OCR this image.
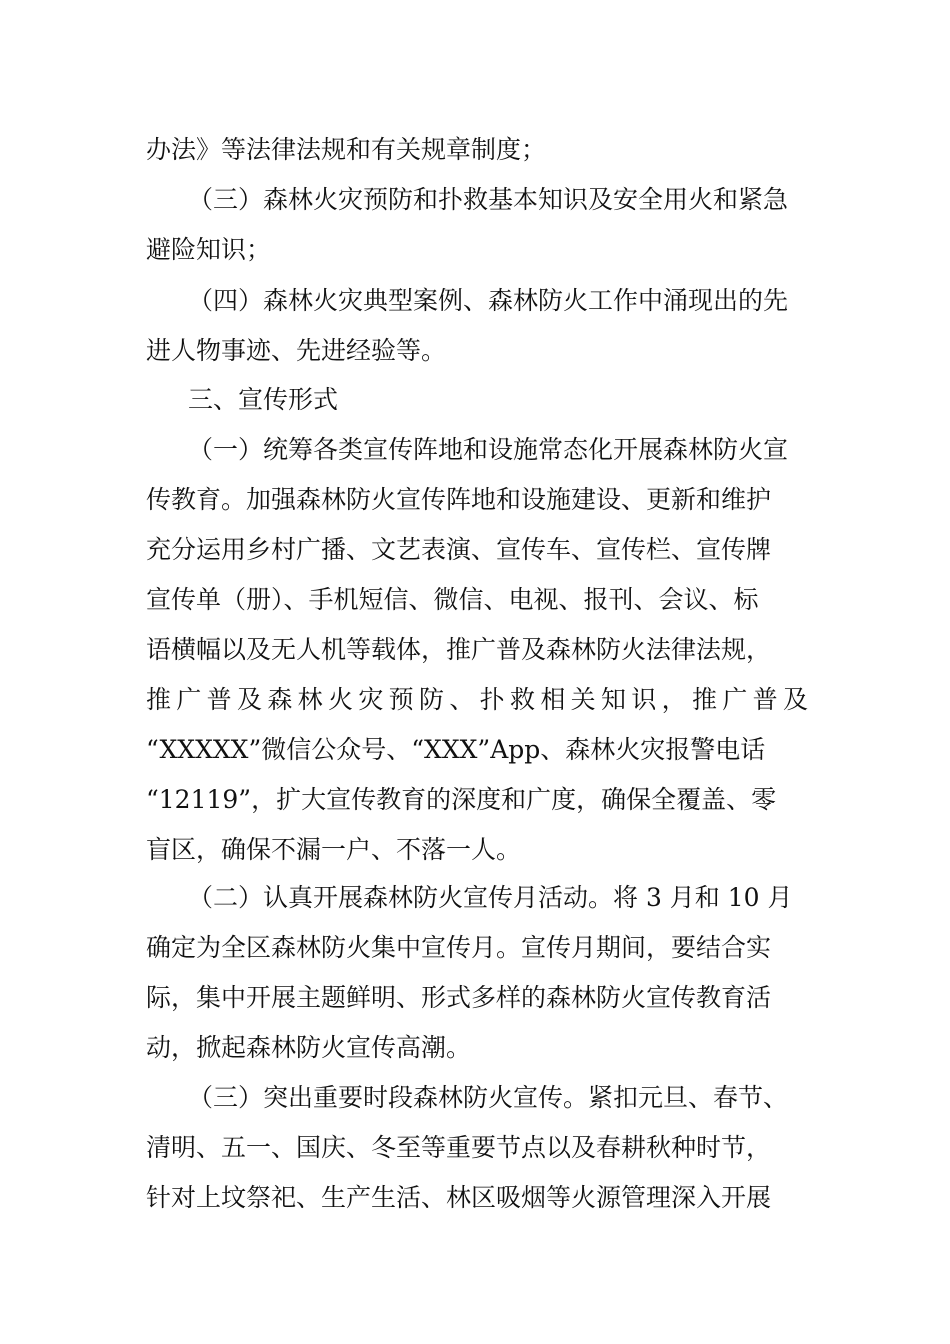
办法》等法律法规和有关规章制度；
（三）森林火灾预防和扑救基本知识及安全用火和紧急
避险知识；
（四）森林火灾典型案例、森林防火工作中涌现出的先
进人物事迹、先进经验等。
三、宣传形式
（一）统筹各类宣传阵地和设施常态化开展森林防火宣
传教育。加强森林防火宣传阵地和设施建设、更新和维护
充分运用乡村广播、文艺表演、宣传车、宣传栏、宣传牌
宣传单（册）、手机短信、微信、电视、报刊、会议、标
语横幅以及无人机等载体，推广普及森林防火法律法规，
推广普及森林火灾预防、扑救相关知识，推广普及
“XXXXX”微信公众号、“XXX”App、森林火灾报警电话
“12119”，扩大宣传教育的深度和广度，确保全覆盖、零
盲区，确保不漏一户、不落一人。
（二）认真开展森林防火宣传月活动。将 3 月和 10 月
确定为全区森林防火集中宣传月。宣传月期间，要结合实
际，集中开展主题鲜明、形式多样的森林防火宣传教育活
动，掀起森林防火宣传高潮。
（三）突出重要时段森林防火宣传。紧扣元旦、春节、
清明、五一、国庆、冬至等重要节点以及春耕秋种时节，
针对上坟祭祀、生产生活、林区吸烟等火源管理深入开展
